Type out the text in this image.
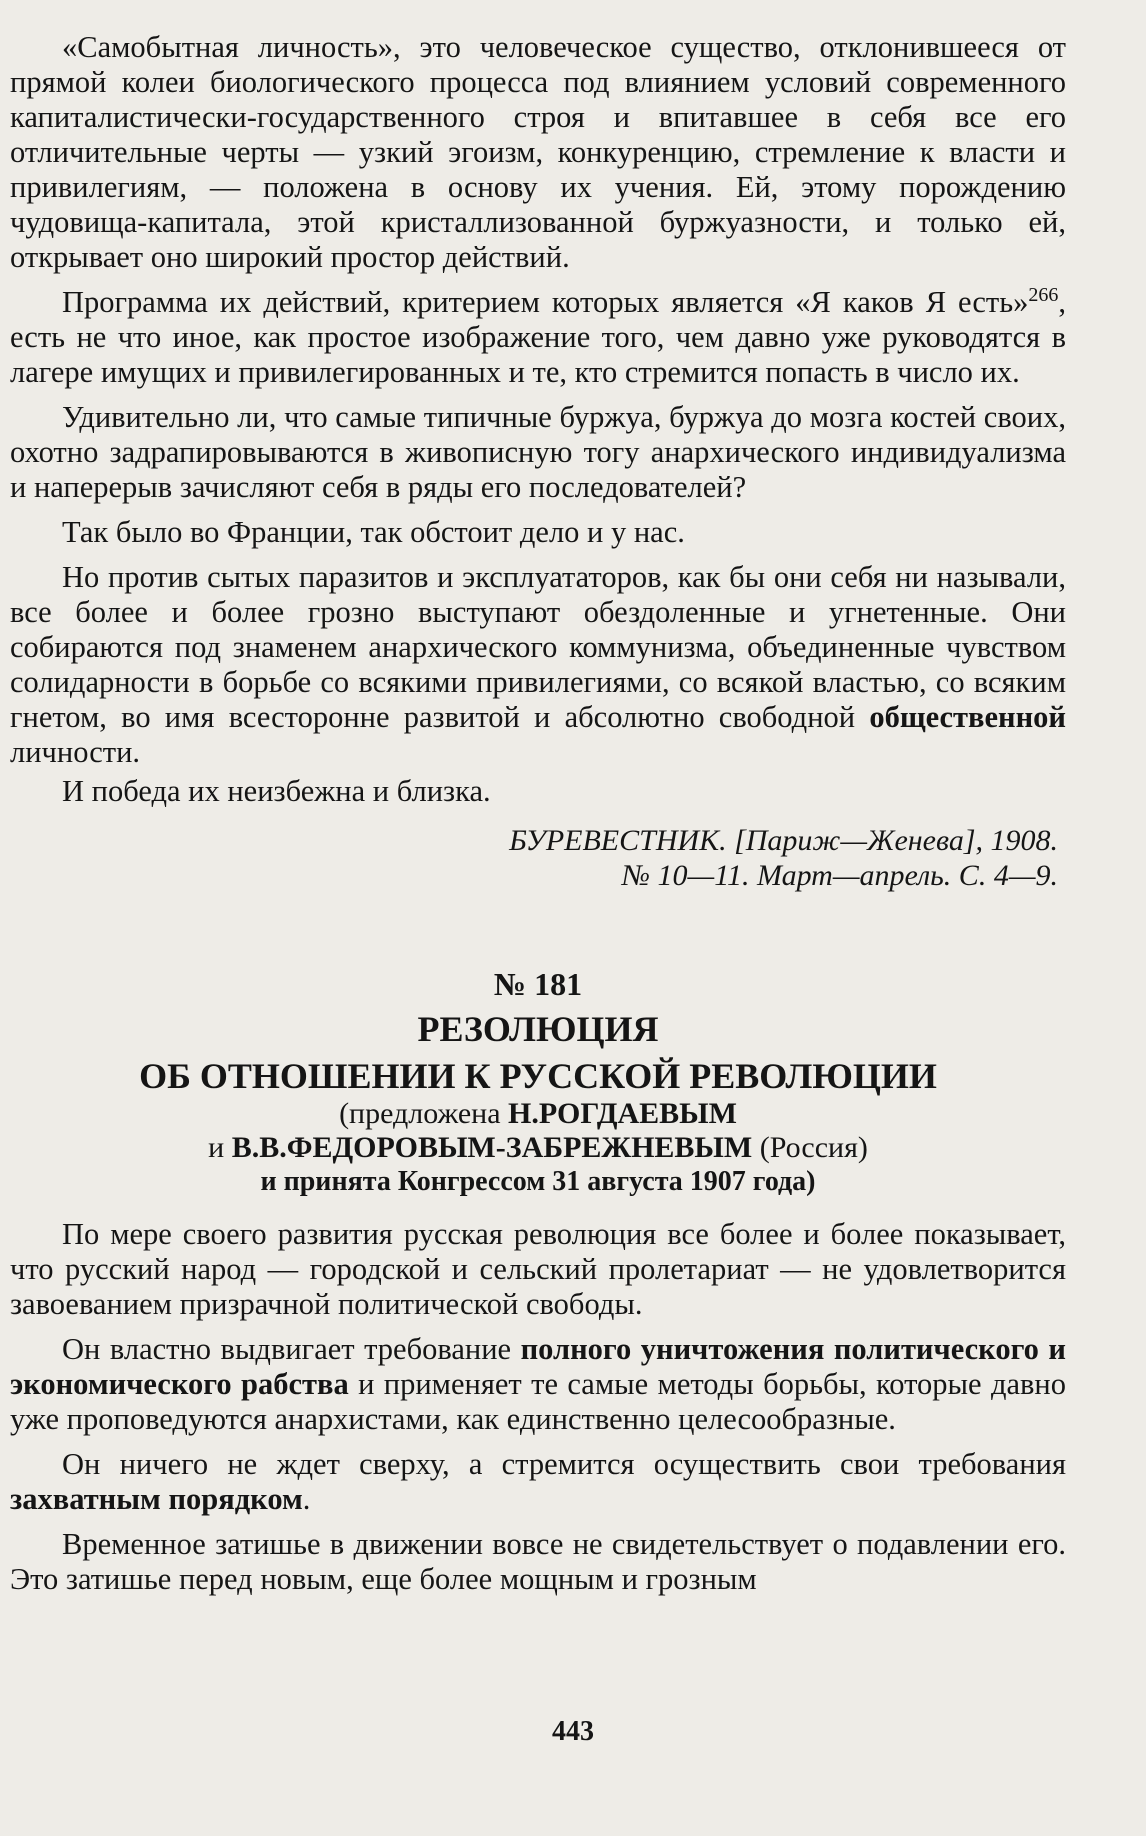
«Самобытная личность», это человеческое существо, отклонившееся от прямой колеи биологического процесса под влиянием условий современного капиталистически-государственного строя и впитавшее в себя все его отличительные черты — узкий эгоизм, конкуренцию, стремление к власти и привилегиям, — положена в основу их учения. Ей, этому порождению чудовища-капитала, этой кристаллизованной буржуазности, и только ей, открывает оно широкий простор действий.

Программа их действий, критерием которых является «Я каков Я есть»$^{266}$, есть не что иное, как простое изображение того, чем давно уже руководятся в лагере имущих и привилегированных и те, кто стремится попасть в число их.

Удивительно ли, что самые типичные буржуа, буржуа до мозга костей своих, охотно задрапировываются в живописную тогу анархического индивидуализма и наперерыв зачисляют себя в ряды его последователей?

Так было во Франции, так обстоит дело и у нас.

Но против сытых паразитов и эксплуататоров, как бы они себя ни называли, все более и более грозно выступают обездоленные и угнетенные. Они собираются под знаменем анархического коммунизма, объединенные чувством солидарности в борьбе со всякими привилегиями, со всякой властью, со всяким гнетом, во имя всесторонне развитой и абсолютно свободной общественной личности.

И победа их неизбежна и близка.

БУРЕВЕСТНИК. [Париж—Женева], 1908.
№ 10—11. Март—апрель. С. 4—9.

№ 181

РЕЗОЛЮЦИЯ

ОБ ОТНОШЕНИИ К РУССКОЙ РЕВОЛЮЦИИ

(предложена Н.РОГДАЕВЫМ

и В.В.ФЕДОРОВЫМ-ЗАБРЕЖНЕВЫМ (Россия)

и принята Конгрессом 31 августа 1907 года)

По мере своего развития русская революция все более и более показывает, что русский народ — городской и сельский пролетариат — не удовлетворится завоеванием призрачной политической свободы.

Он властно выдвигает требование полного уничтожения политического и экономического рабства и применяет те самые методы борьбы, которые давно уже проповедуются анархистами, как единственно целесообразные.

Он ничего не ждет сверху, а стремится осуществить свои требования захватным порядком.

Временное затишье в движении вовсе не свидетельствует о подавлении его. Это затишье перед новым, еще более мощным и грозным

443
